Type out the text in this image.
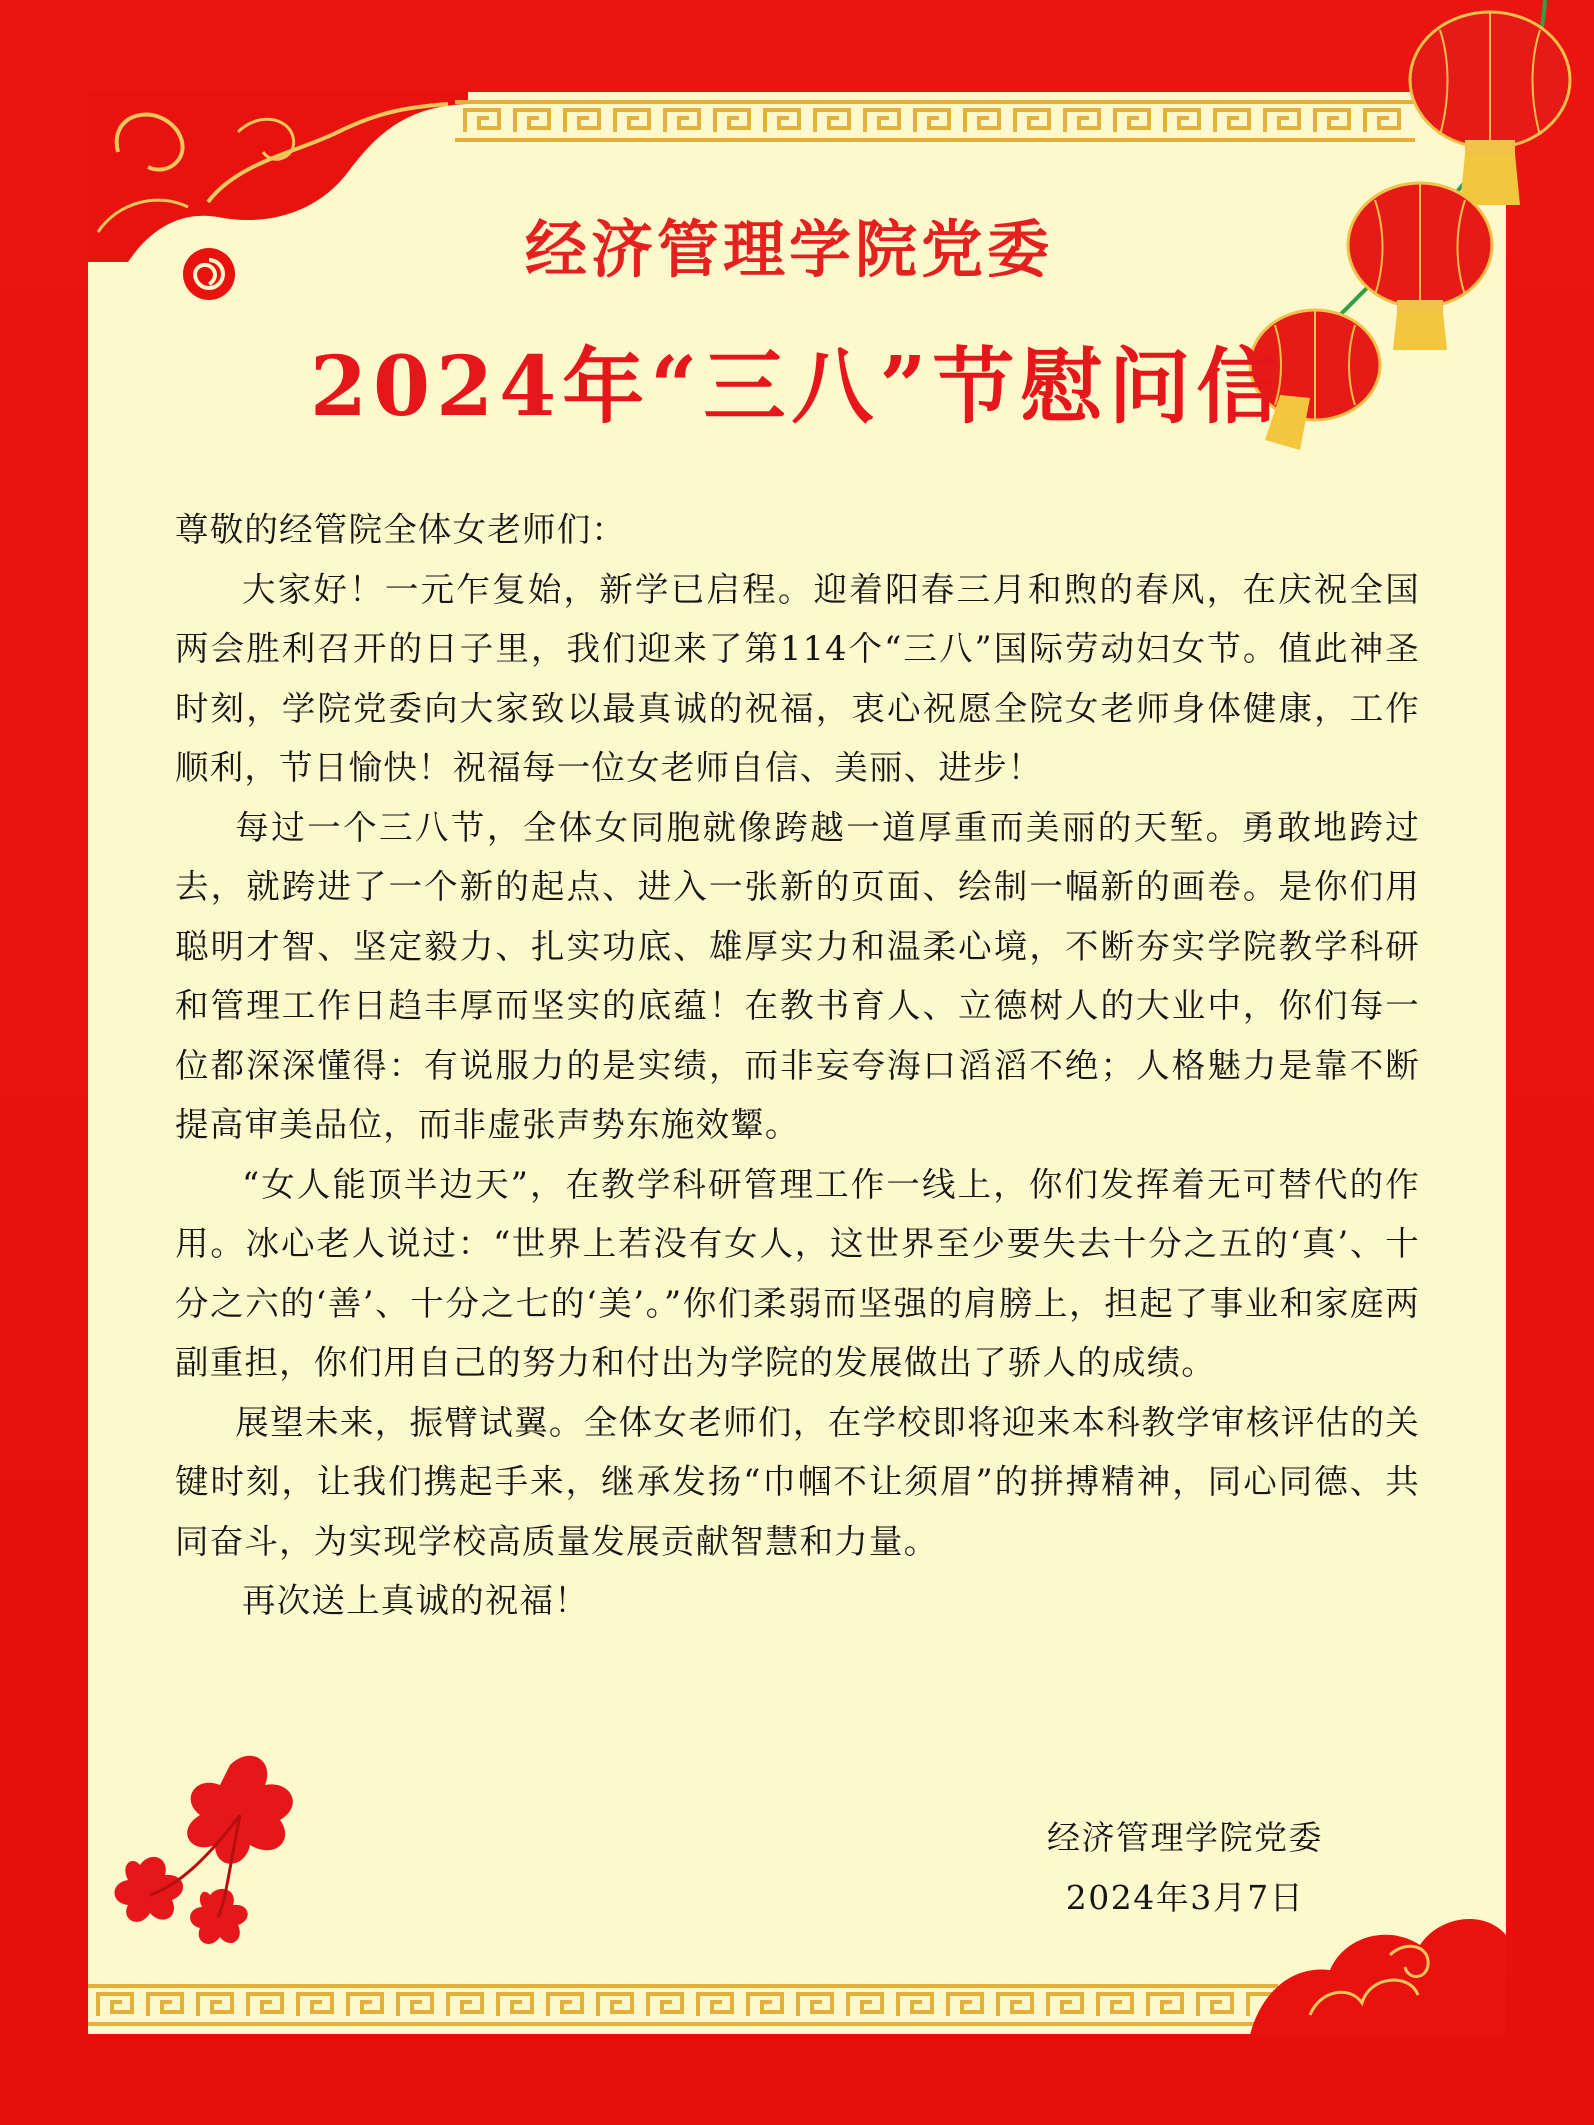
经济管理学院党委
2024年“三八”节慰问信

尊敬的经管院全体女老师们：

大家好！一元乍复始，新学已启程。迎着阳春三月和煦的春风，在庆祝全国两会胜利召开的日子里，我们迎来了第114个“三八”国际劳动妇女节。值此神圣时刻，学院党委向大家致以最真诚的祝福，衷心祝愿全院女老师身体健康，工作顺利，节日愉快！祝福每一位女老师自信、美丽、进步！

每过一个三八节，全体女同胞就像跨越一道厚重而美丽的天堑。勇敢地跨过去，就跨进了一个新的起点、进入一张新的页面、绘制一幅新的画卷。是你们用聪明才智、坚定毅力、扎实功底、雄厚实力和温柔心境，不断夯实学院教学科研和管理工作日趋丰厚而坚实的底蕴！在教书育人、立德树人的大业中，你们每一位都深深懂得：有说服力的是实绩，而非妄夸海口滔滔不绝；人格魅力是靠不断提高审美品位，而非虚张声势东施效颦。

“女人能顶半边天”，在教学科研管理工作一线上，你们发挥着无可替代的作用。冰心老人说过：“世界上若没有女人，这世界至少要失去十分之五的‘真’、十分之六的‘善’、十分之七的‘美’。”你们柔弱而坚强的肩膀上，担起了事业和家庭两副重担，你们用自己的努力和付出为学院的发展做出了骄人的成绩。

展望未来，振臂试翼。全体女老师们，在学校即将迎来本科教学审核评估的关键时刻，让我们携起手来，继承发扬“巾帼不让须眉”的拼搏精神，同心同德、共同奋斗，为实现学校高质量发展贡献智慧和力量。

再次送上真诚的祝福！

经济管理学院党委
2024年3月7日
